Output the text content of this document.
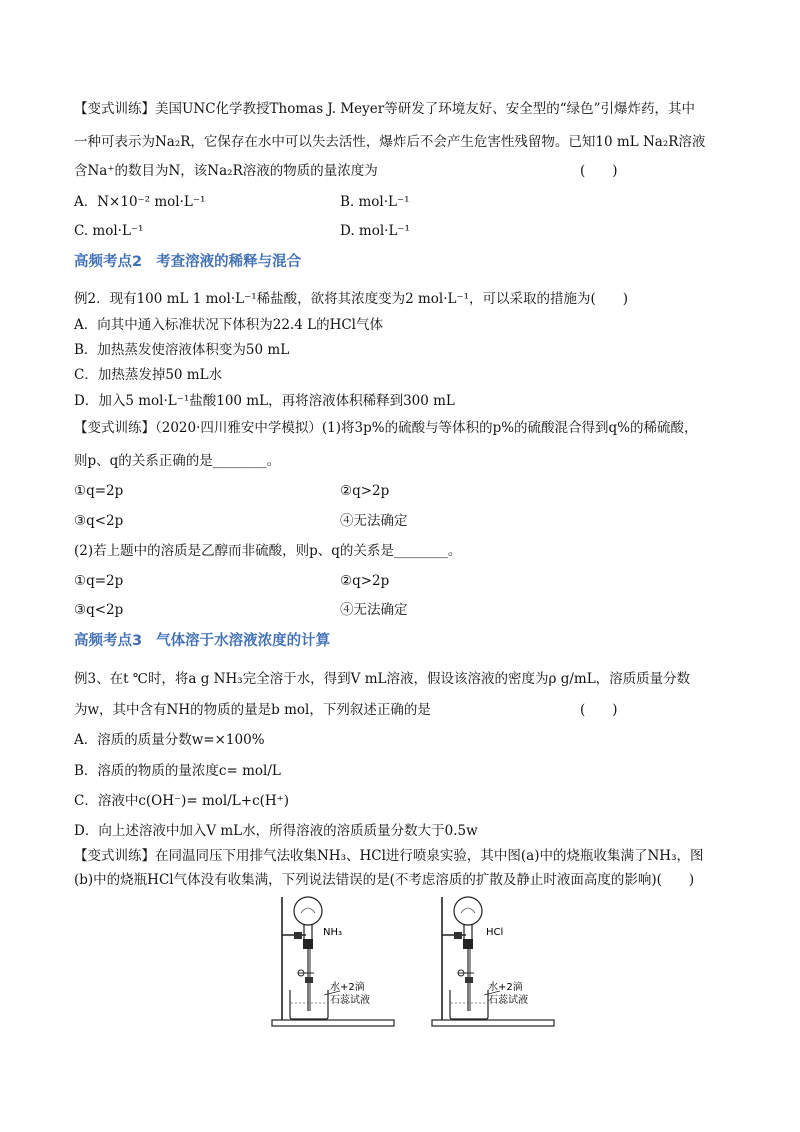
【变式训练】美国UNC化学教授Thomas J. Meyer等研发了环境友好、安全型的“绿色”引爆炸药，其中
一种可表示为Na₂R，它保存在水中可以失去活性，爆炸后不会产生危害性残留物。已知10 mL Na₂R溶液
含Na⁺的数目为N，该Na₂R溶液的物质的量浓度为	(　　)
A．N×10⁻² mol·L⁻¹	B. mol·L⁻¹
C. mol·L⁻¹	D. mol·L⁻¹
高频考点2 考查溶液的稀释与混合
例2．现有100 mL 1 mol·L⁻¹稀盐酸，欲将其浓度变为2 mol·L⁻¹，可以采取的措施为(　　)
A．向其中通入标准状况下体积为22.4 L的HCl气体
B．加热蒸发使溶液体积变为50 mL
C．加热蒸发掉50 mL水
D．加入5 mol·L⁻¹盐酸100 mL，再将溶液体积稀释到300 mL
【变式训练】（2020·四川雅安中学模拟）(1)将3p%的硫酸与等体积的p%的硫酸混合得到q%的稀硫酸，
则p、q的关系正确的是________。
①q=2p	②q>2p
③q<2p	④无法确定
(2)若上题中的溶质是乙醇而非硫酸，则p、q的关系是________。
①q=2p	②q>2p
③q<2p	④无法确定
高频考点3 气体溶于水溶液浓度的计算
例3、在t ℃时，将a g NH₃完全溶于水，得到V mL溶液，假设该溶液的密度为ρ g/mL，溶质质量分数
为w，其中含有NH的物质的量是b mol，下列叙述正确的是	(　　)
A．溶质的质量分数w=×100%
B．溶质的物质的量浓度c= mol/L
C．溶液中c(OH⁻)= mol/L+c(H⁺)
D．向上述溶液中加入V mL水，所得溶液的溶质质量分数大于0.5w
【变式训练】在同温同压下用排气法收集NH₃、HCl进行喷泉实验，其中图(a)中的烧瓶收集满了NH₃，图
(b)中的烧瓶HCl气体没有收集满，下列说法错误的是(不考虑溶质的扩散及静止时液面高度的影响)(　　)
NH₃
水+2滴
石蕊试液
HCl
水+2滴
石蕊试液
